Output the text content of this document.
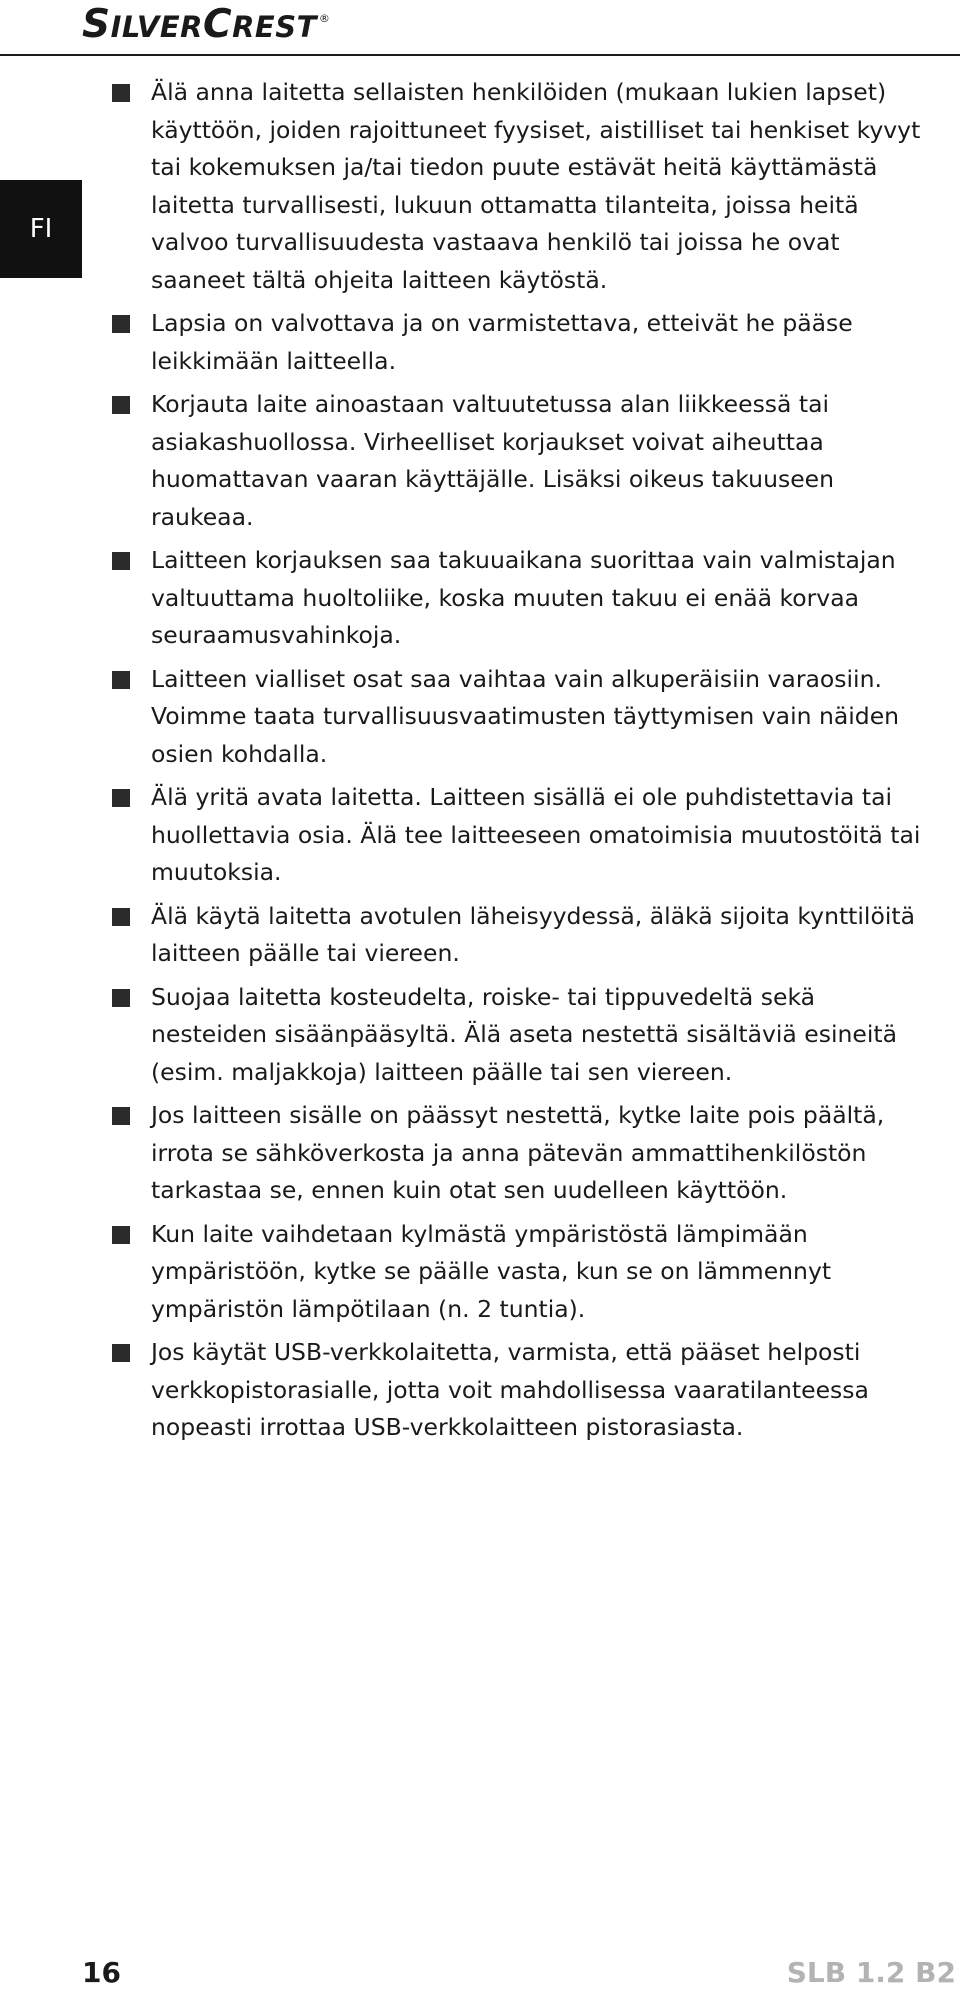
SILVERCREST ®
FI
Älä anna laitetta sellaisten henkilöiden (mukaan lukien lapset) käyttöön, joiden rajoittuneet fyysiset, aistilliset tai henkiset kyvyt tai kokemuksen ja/tai tiedon puute estävät heitä käyttämästä laitetta turvallisesti, lukuun ottamatta tilanteita, joissa heitä valvoo turvallisuudesta vastaava henkilö tai joissa he ovat saaneet tältä ohjeita laitteen käytöstä.
Lapsia on valvottava ja on varmistettava, etteivät he pääse leikkimään laitteella.
Korjauta laite ainoastaan valtuutetussa alan liikkeessä tai asiakashuollossa. Virheelliset korjaukset voivat aiheuttaa huomattavan vaaran käyttäjälle. Lisäksi oikeus takuuseen raukeaa.
Laitteen korjauksen saa takuuaikana suorittaa vain valmistajan valtuuttama huoltoliike, koska muuten takuu ei enää korvaa seuraamusvahinkoja.
Laitteen vialliset osat saa vaihtaa vain alkuperäisiin varaosiin. Voimme taata turvallisuusvaatimusten täyttymisen vain näiden osien kohdalla.
Älä yritä avata laitetta. Laitteen sisällä ei ole puhdistettavia tai huollettavia osia. Älä tee laitteeseen omatoimisia muutostöitä tai muutoksia.
Älä käytä laitetta avotulen läheisyydessä, äläkä sijoita kynttilöitä laitteen päälle tai viereen.
Suojaa laitetta kosteudelta, roiske- tai tippuvedeltä sekä nesteiden sisäänpääsyltä. Älä aseta nestettä sisältäviä esineitä (esim. maljakkoja) laitteen päälle tai sen viereen.
Jos laitteen sisälle on päässyt nestettä, kytke laite pois päältä, irrota se sähköverkosta ja anna pätevän ammattihenkilöstön tarkastaa se, ennen kuin otat sen uudelleen käyttöön.
Kun laite vaihdetaan kylmästä ympäristöstä lämpimään ympäristöön, kytke se päälle vasta, kun se on lämmennyt ympäristön lämpötilaan (n. 2 tuntia).
Jos käytät USB-verkkolaitetta, varmista, että pääset helposti verkkopistorasialle, jotta voit mahdollisessa vaaratilanteessa nopeasti irrottaa USB-verkkolaitteen pistorasiasta.
16	SLB 1.2 B2
